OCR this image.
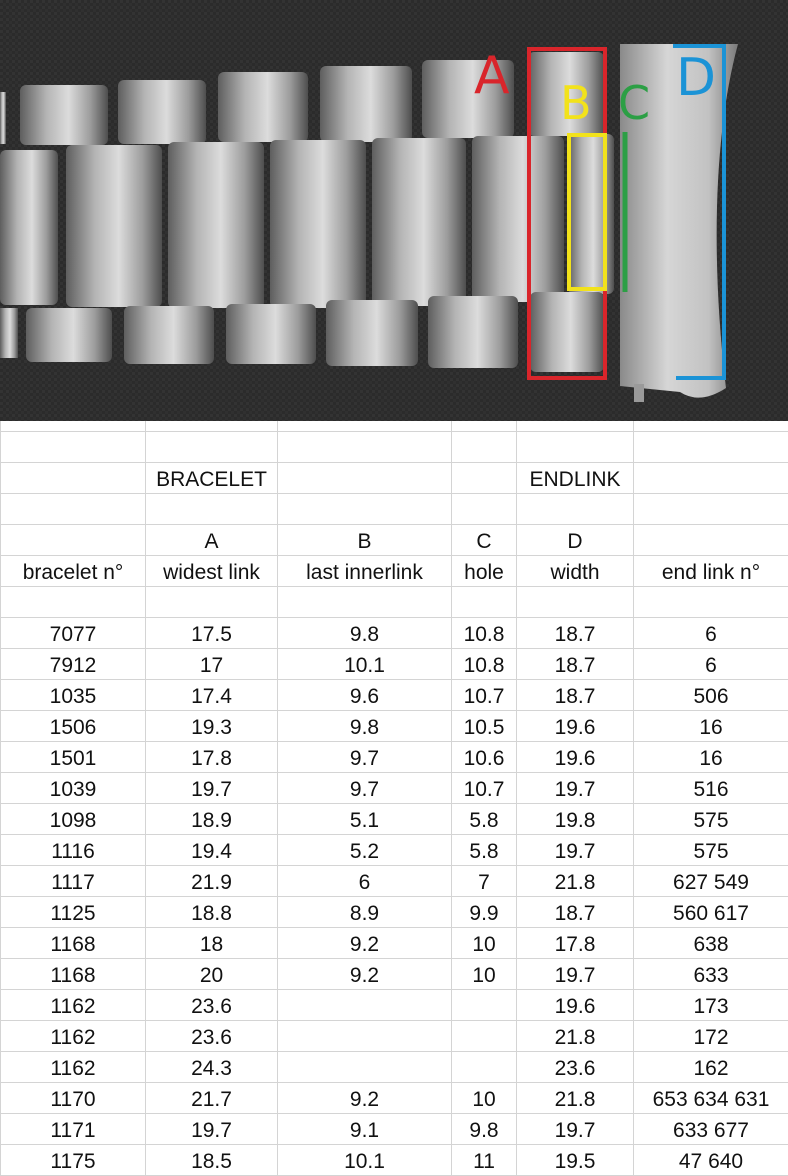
A B C D

	BRACELET			ENDLINK	

	A	B	C	D	
bracelet n°	widest link	last innerlink	hole	width	end link n°

7077	17.5	9.8	10.8	18.7	6
7912	17	10.1	10.8	18.7	6
1035	17.4	9.6	10.7	18.7	506
1506	19.3	9.8	10.5	19.6	16
1501	17.8	9.7	10.6	19.6	16
1039	19.7	9.7	10.7	19.7	516
1098	18.9	5.1	5.8	19.8	575
1116	19.4	5.2	5.8	19.7	575
1117	21.9	6	7	21.8	627 549
1125	18.8	8.9	9.9	18.7	560 617
1168	18	9.2	10	17.8	638
1168	20	9.2	10	19.7	633
1162	23.6			19.6	173
1162	23.6			21.8	172
1162	24.3			23.6	162
1170	21.7	9.2	10	21.8	653 634 631
1171	19.7	9.1	9.8	19.7	633 677
1175	18.5	10.1	11	19.5	47 640
